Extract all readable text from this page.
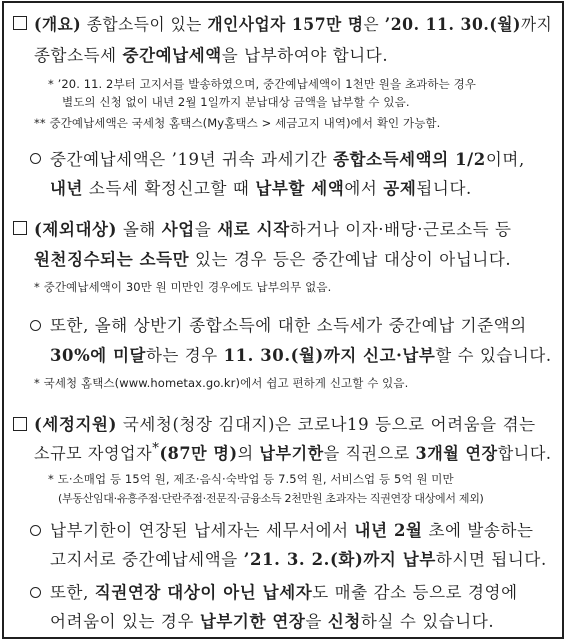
(개요) 종합소득이 있는 개인사업자 157만 명은 ’20. 11. 30.(월)까지
종합소득세 중간예납세액을 납부하여야 합니다.
* ’20. 11. 2부터 고지서를 발송하였으며, 중간예납세액이 1천만 원을 초과하는 경우
별도의 신청 없이 내년 2월 1일까지 분납대상 금액을 납부할 수 있음.
** 중간예납세액은 국세청 홈택스(My홈택스 > 세금고지 내역)에서 확인 가능함.
중간예납세액은 ’19년 귀속 과세기간 종합소득세액의 1/2이며,
내년 소득세 확정신고할 때 납부할 세액에서 공제됩니다.
(제외대상) 올해 사업을 새로 시작하거나 이자·배당·근로소득 등
원천징수되는 소득만 있는 경우 등은 중간예납 대상이 아닙니다.
* 중간예납세액이 30만 원 미만인 경우에도 납부의무 없음.
또한, 올해 상반기 종합소득에 대한 소득세가 중간예납 기준액의
30%에 미달하는 경우 11. 30.(월)까지 신고·납부할 수 있습니다.
* 국세청 홈택스(www.hometax.go.kr)에서 쉽고 편하게 신고할 수 있음.
(세정지원) 국세청(청장 김대지)은 코로나19 등으로 어려움을 겪는
소규모 자영업자*(87만 명)의 납부기한을 직권으로 3개월 연장합니다.
* 도·소매업 등 15억 원, 제조·음식·숙박업 등 7.5억 원, 서비스업 등 5억 원 미만
(부동산임대·유흥주점·단란주점·전문직·금융소득 2천만원 초과자는 직권연장 대상에서 제외)
납부기한이 연장된 납세자는 세무서에서 내년 2월 초에 발송하는
고지서로 중간예납세액을 ’21. 3. 2.(화)까지 납부하시면 됩니다.
또한, 직권연장 대상이 아닌 납세자도 매출 감소 등으로 경영에
어려움이 있는 경우 납부기한 연장을 신청하실 수 있습니다.
